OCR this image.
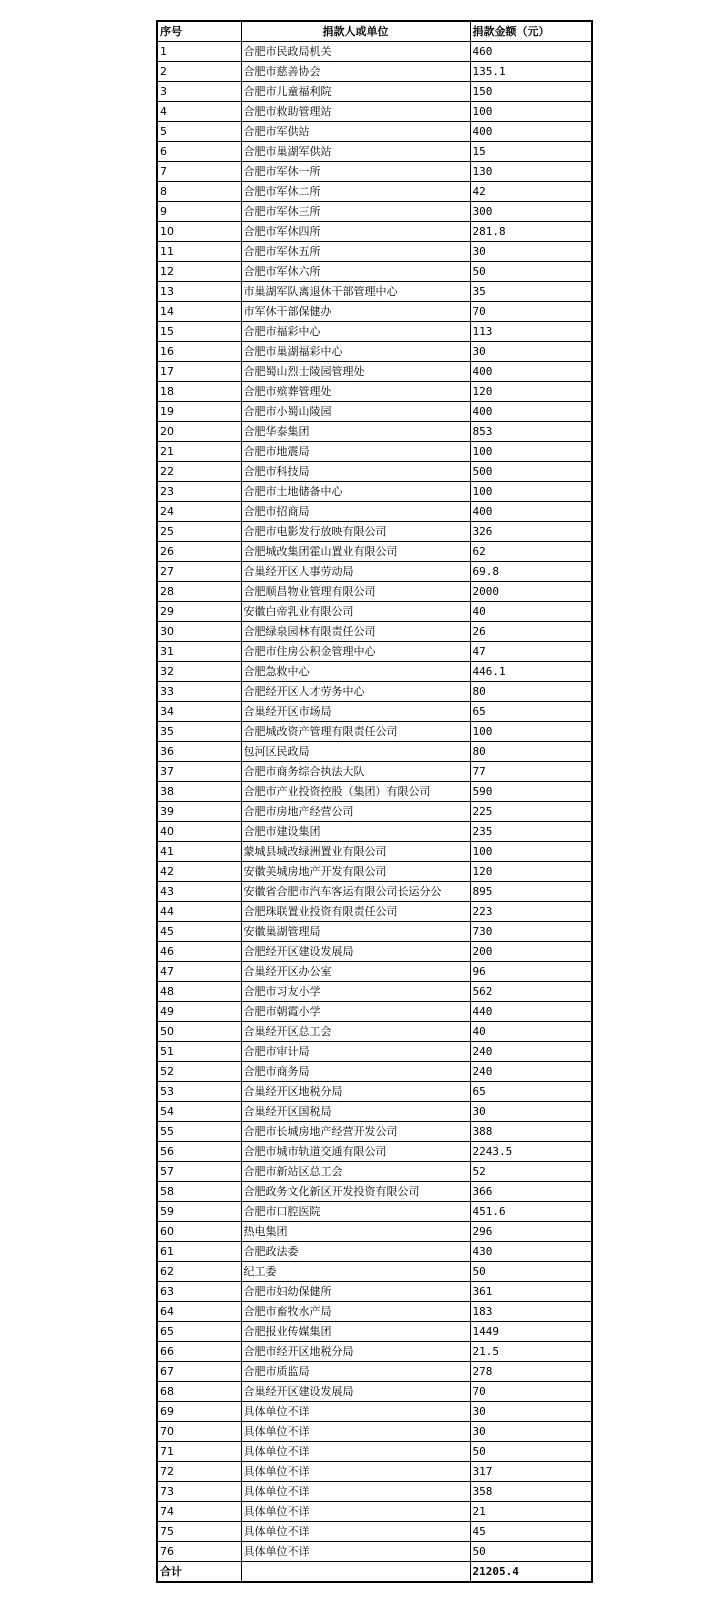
序号	捐款人或单位	捐款金额（元）
1	合肥市民政局机关	460
2	合肥市慈善协会	135.1
3	合肥市儿童福利院	150
4	合肥市救助管理站	100
5	合肥市军供站	400
6	合肥市巢湖军供站	15
7	合肥市军休一所	130
8	合肥市军休二所	42
9	合肥市军休三所	300
10	合肥市军休四所	281.8
11	合肥市军休五所	30
12	合肥市军休六所	50
13	市巢湖军队离退休干部管理中心	35
14	市军休干部保健办	70
15	合肥市福彩中心	113
16	合肥市巢湖福彩中心	30
17	合肥蜀山烈士陵园管理处	400
18	合肥市殡葬管理处	120
19	合肥市小蜀山陵园	400
20	合肥华泰集团	853
21	合肥市地震局	100
22	合肥市科技局	500
23	合肥市土地储备中心	100
24	合肥市招商局	400
25	合肥市电影发行放映有限公司	326
26	合肥城改集团霍山置业有限公司	62
27	合巢经开区人事劳动局	69.8
28	合肥顺昌物业管理有限公司	2000
29	安徽白帝乳业有限公司	40
30	合肥绿泉园林有限责任公司	26
31	合肥市住房公积金管理中心	47
32	合肥急救中心	446.1
33	合肥经开区人才劳务中心	80
34	合巢经开区市场局	65
35	合肥城改资产管理有限责任公司	100
36	包河区民政局	80
37	合肥市商务综合执法大队	77
38	合肥市产业投资控股（集团）有限公司	590
39	合肥市房地产经营公司	225
40	合肥市建设集团	235
41	蒙城县城改绿洲置业有限公司	100
42	安徽美城房地产开发有限公司	120
43	安徽省合肥市汽车客运有限公司长运分公	895
44	合肥珠联置业投资有限责任公司	223
45	安徽巢湖管理局	730
46	合肥经开区建设发展局	200
47	合巢经开区办公室	96
48	合肥市习友小学	562
49	合肥市朝霞小学	440
50	合巢经开区总工会	40
51	合肥市审计局	240
52	合肥市商务局	240
53	合巢经开区地税分局	65
54	合巢经开区国税局	30
55	合肥市长城房地产经营开发公司	388
56	合肥市城市轨道交通有限公司	2243.5
57	合肥市新站区总工会	52
58	合肥政务文化新区开发投资有限公司	366
59	合肥市口腔医院	451.6
60	热电集团	296
61	合肥政法委	430
62	纪工委	50
63	合肥市妇幼保健所	361
64	合肥市畜牧水产局	183
65	合肥报业传媒集团	1449
66	合肥市经开区地税分局	21.5
67	合肥市质监局	278
68	合巢经开区建设发展局	70
69	具体单位不详	30
70	具体单位不详	30
71	具体单位不详	50
72	具体单位不详	317
73	具体单位不详	358
74	具体单位不详	21
75	具体单位不详	45
76	具体单位不详	50
合计		21205.4
